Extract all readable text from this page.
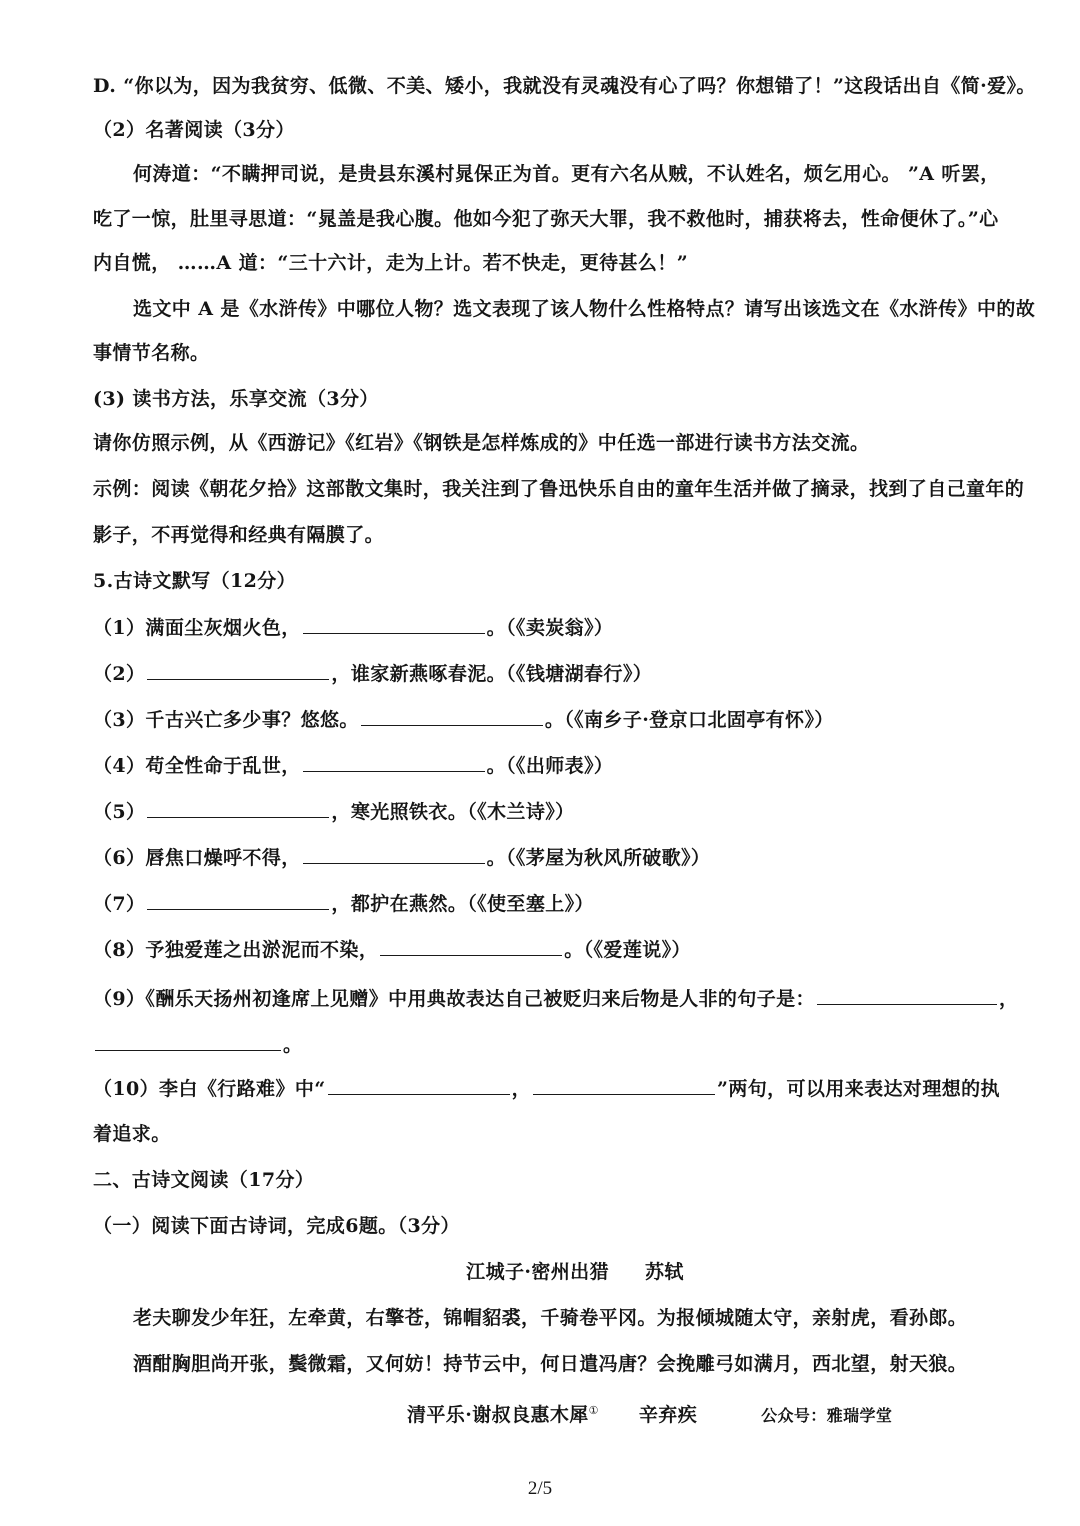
D. “你以为，因为我贫穷、低微、不美、矮小，我就没有灵魂没有心了吗？你想错了！”这段话出自《简·爱》。
（2）名著阅读（3分）
何涛道：“不瞒押司说，是贵县东溪村晁保正为首。更有六名从贼，不认姓名，烦乞用心。 ”A 听罢，
吃了一惊，肚里寻思道：“晁盖是我心腹。他如今犯了弥天大罪，我不救他时，捕获将去，性命便休了。”心
内自慌， ……A 道：“三十六计，走为上计。若不快走，更待甚么！”
选文中 A 是《水浒传》中哪位人物？选文表现了该人物什么性格特点？请写出该选文在《水浒传》中的故
事情节名称。
(3) 读书方法，乐享交流（3分）
请你仿照示例，从《西游记》《红岩》《钢铁是怎样炼成的》中任选一部进行读书方法交流。
示例：阅读《朝花夕拾》这部散文集时，我关注到了鲁迅快乐自由的童年生活并做了摘录，找到了自己童年的
影子，不再觉得和经典有隔膜了。
5.古诗文默写（12分）
（1）满面尘灰烟火色，	。（《卖炭翁》）
（2）	，谁家新燕啄春泥。（《钱塘湖春行》）
（3）千古兴亡多少事？悠悠。	。（《南乡子·登京口北固亭有怀》）
（4）苟全性命于乱世，	。（《出师表》）
（5）	，寒光照铁衣。（《木兰诗》）
（6）唇焦口燥呼不得，	。（《茅屋为秋风所破歌》）
（7）	，都护在燕然。（《使至塞上》）
（8）予独爱莲之出淤泥而不染，	。（《爱莲说》）
（9）《酬乐天扬州初逢席上见赠》中用典故表达自己被贬归来后物是人非的句子是：	，
。
（10）李白《行路难》中“	，	”两句，可以用来表达对理想的执
着追求。
二、古诗文阅读（17分）
（一）阅读下面古诗词，完成6题。（3分）
江城子·密州出猎 苏轼
老夫聊发少年狂，左牵黄，右擎苍，锦帽貂裘，千骑卷平冈。为报倾城随太守，亲射虎，看孙郎。
酒酣胸胆尚开张，鬓微霜，又何妨！持节云中，何日遣冯唐？会挽雕弓如满月，西北望，射天狼。
清平乐·谢叔良惠木犀① 辛弃疾	公众号：雅瑞学堂
2/5
